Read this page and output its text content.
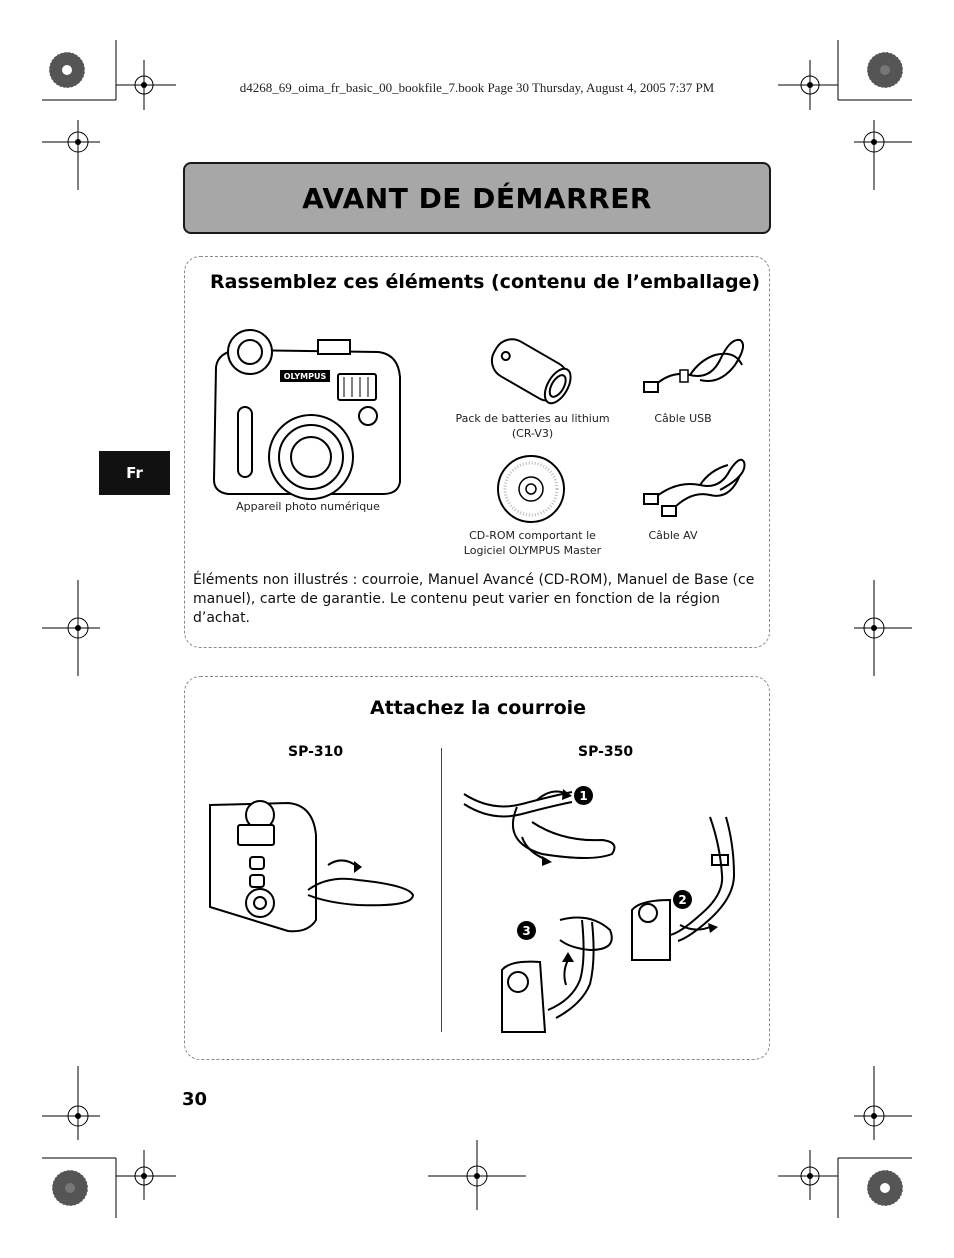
d4268_69_oima_fr_basic_00_bookfile_7.book Page 30 Thursday, August 4, 2005 7:37 PM
AVANT DE DÉMARRER
Fr
Rassemblez ces éléments (contenu de l’emballage)
OLYMPUS
Appareil photo numérique
Pack de batteries au lithium
(CR-V3)
Câble USB
CD-ROM comportant le
Logiciel OLYMPUS Master
Câble AV
Éléments non illustrés : courroie, Manuel Avancé (CD-ROM), Manuel de Base (ce manuel), carte de garantie. Le contenu peut varier en fonction de la région d’achat.
Attachez la courroie
SP-310	SP-350
1
2
3
30
